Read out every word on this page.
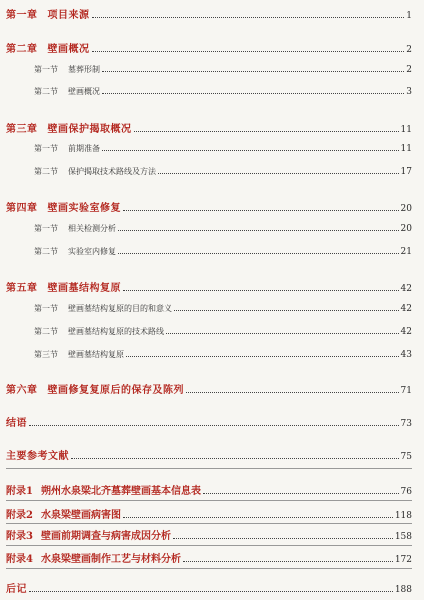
第一章 项目来源	1
第二章 壁画概况	2
第一节 墓葬形制	2
第二节 壁画概况	3
第三章 壁画保护揭取概况	11
第一节 前期准备	11
第二节 保护揭取技术路线及方法	17
第四章 壁画实验室修复	20
第一节 相关检测分析	20
第二节 实验室内修复	21
第五章 壁画墓结构复原	42
第一节 壁画墓结构复原的目的和意义	42
第二节 壁画墓结构复原的技术路线	42
第三节 壁画墓结构复原	43
第六章 壁画修复复原后的保存及陈列	71
结语	73
主要参考文献	75
附录1 朔州水泉梁北齐墓葬壁画基本信息表	76
附录2 水泉梁壁画病害图	118
附录3 壁画前期调查与病害成因分析	158
附录4 水泉梁壁画制作工艺与材料分析	172
后记	188
